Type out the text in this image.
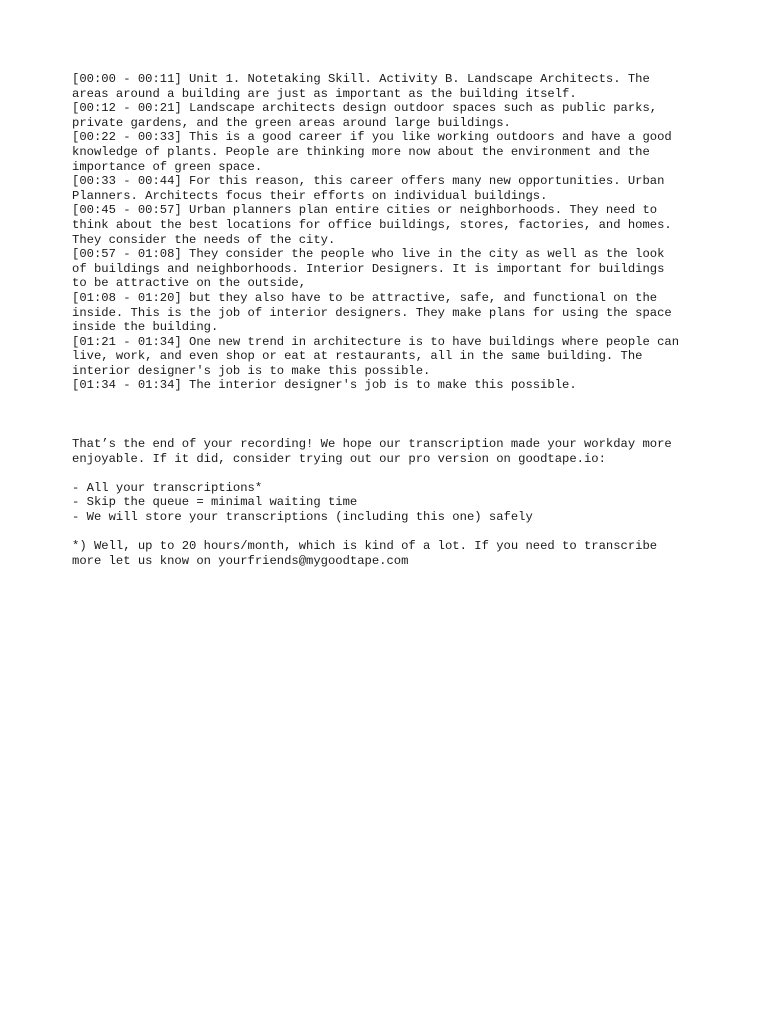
[00:00 - 00:11] Unit 1. Notetaking Skill. Activity B. Landscape Architects. The
areas around a building are just as important as the building itself.
[00:12 - 00:21] Landscape architects design outdoor spaces such as public parks,
private gardens, and the green areas around large buildings.
[00:22 - 00:33] This is a good career if you like working outdoors and have a good
knowledge of plants. People are thinking more now about the environment and the
importance of green space.
[00:33 - 00:44] For this reason, this career offers many new opportunities. Urban
Planners. Architects focus their efforts on individual buildings.
[00:45 - 00:57] Urban planners plan entire cities or neighborhoods. They need to
think about the best locations for office buildings, stores, factories, and homes.
They consider the needs of the city.
[00:57 - 01:08] They consider the people who live in the city as well as the look
of buildings and neighborhoods. Interior Designers. It is important for buildings
to be attractive on the outside,
[01:08 - 01:20] but they also have to be attractive, safe, and functional on the
inside. This is the job of interior designers. They make plans for using the space
inside the building.
[01:21 - 01:34] One new trend in architecture is to have buildings where people can
live, work, and even shop or eat at restaurants, all in the same building. The
interior designer's job is to make this possible.
[01:34 - 01:34] The interior designer's job is to make this possible.
That’s the end of your recording! We hope our transcription made your workday more
enjoyable. If it did, consider trying out our pro version on goodtape.io:
- All your transcriptions*
- Skip the queue = minimal waiting time
- We will store your transcriptions (including this one) safely
*) Well, up to 20 hours/month, which is kind of a lot. If you need to transcribe
more let us know on yourfriends@mygoodtape.com
